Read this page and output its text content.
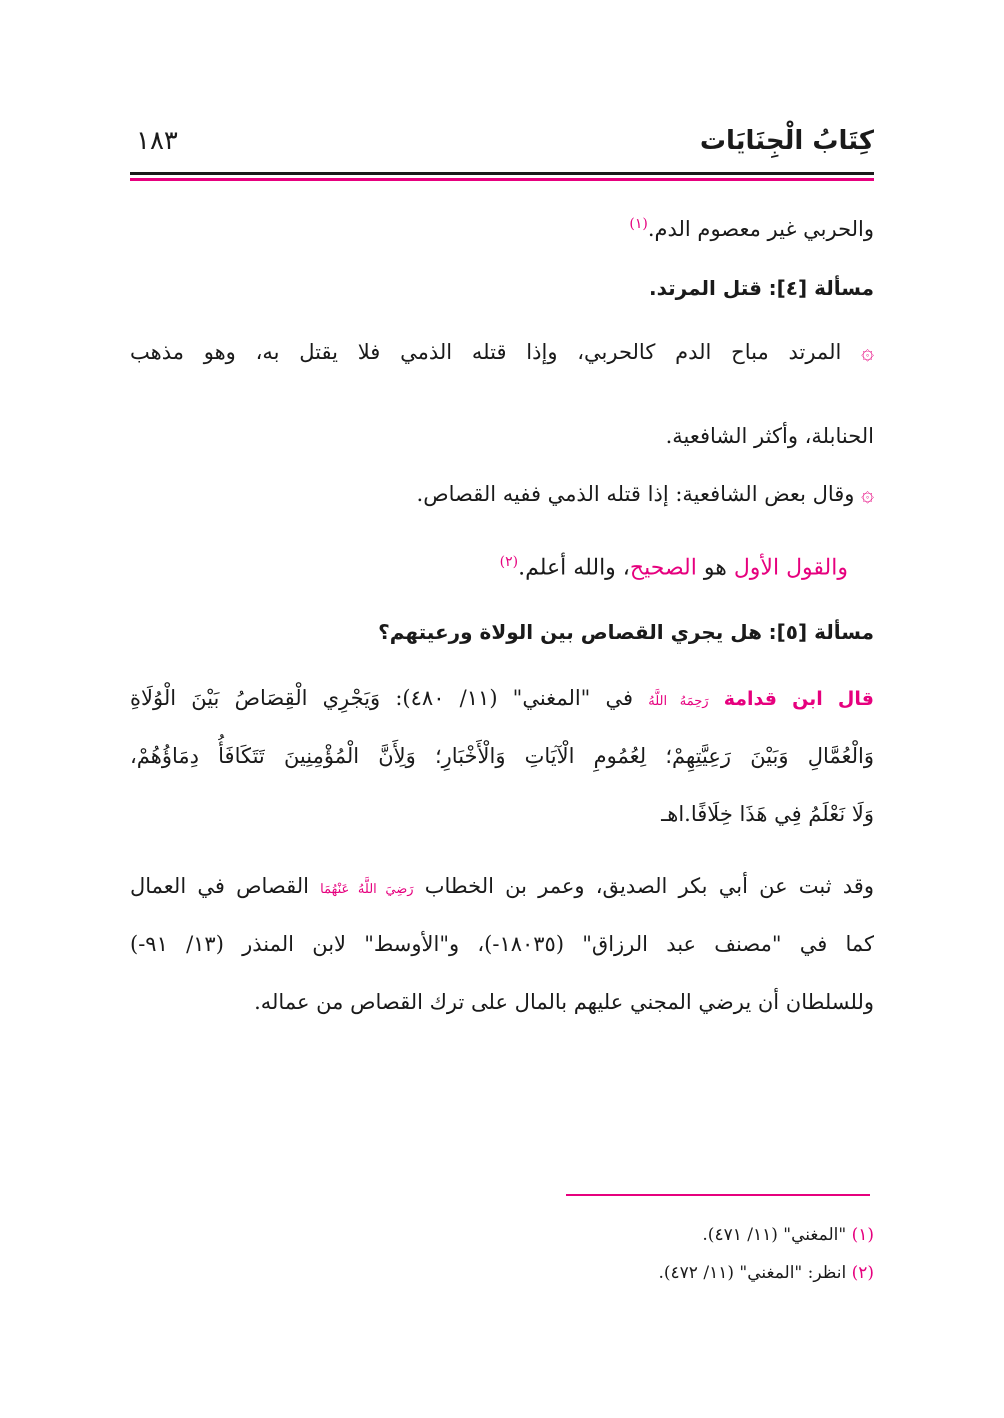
كِتَابُ الْجِنَايَات
١٨٣
والحربي غير معصوم الدم.$^{(١)}$
مسألة [٤]: قتل المرتد.
۞ المرتد مباح الدم كالحربي، وإذا قتله الذمي فلا يقتل به، وهو مذهب
الحنابلة، وأكثر الشافعية.
۞ وقال بعض الشافعية: إذا قتله الذمي ففيه القصاص.
والقول الأول هو الصحيح، والله أعلم.$^{(٢)}$
مسألة [٥]: هل يجري القصاص بين الولاة ورعيتهم؟
قال ابن قدامة رَحِمَهُ اللَّهُ في "المغني" (١١/ ٤٨٠): وَيَجْرِي الْقِصَاصُ بَيْنَ الْوُلَاةِ
وَالْعُمَّالِ وَبَيْنَ رَعِيَّتِهِمْ؛ لِعُمُومِ الْآيَاتِ وَالْأَخْبَارِ؛ وَلِأَنَّ الْمُؤْمِنِينَ تَتَكَافَأُ دِمَاؤُهُمْ،
وَلَا نَعْلَمُ فِي هَذَا خِلَافًا.اهـ
وقد ثبت عن أبي بكر الصديق، وعمر بن الخطاب رَضِيَ اللَّهُ عَنْهُمَا القصاص في العمال
كما في "مصنف عبد الرزاق" (١٨٠٣٥-)، و"الأوسط" لابن المنذر (١٣/ ٩١-)
وللسلطان أن يرضي المجني عليهم بالمال على ترك القصاص من عماله.
(١) "المغني" (١١/ ٤٧١).
(٢) انظر: "المغني" (١١/ ٤٧٢).
